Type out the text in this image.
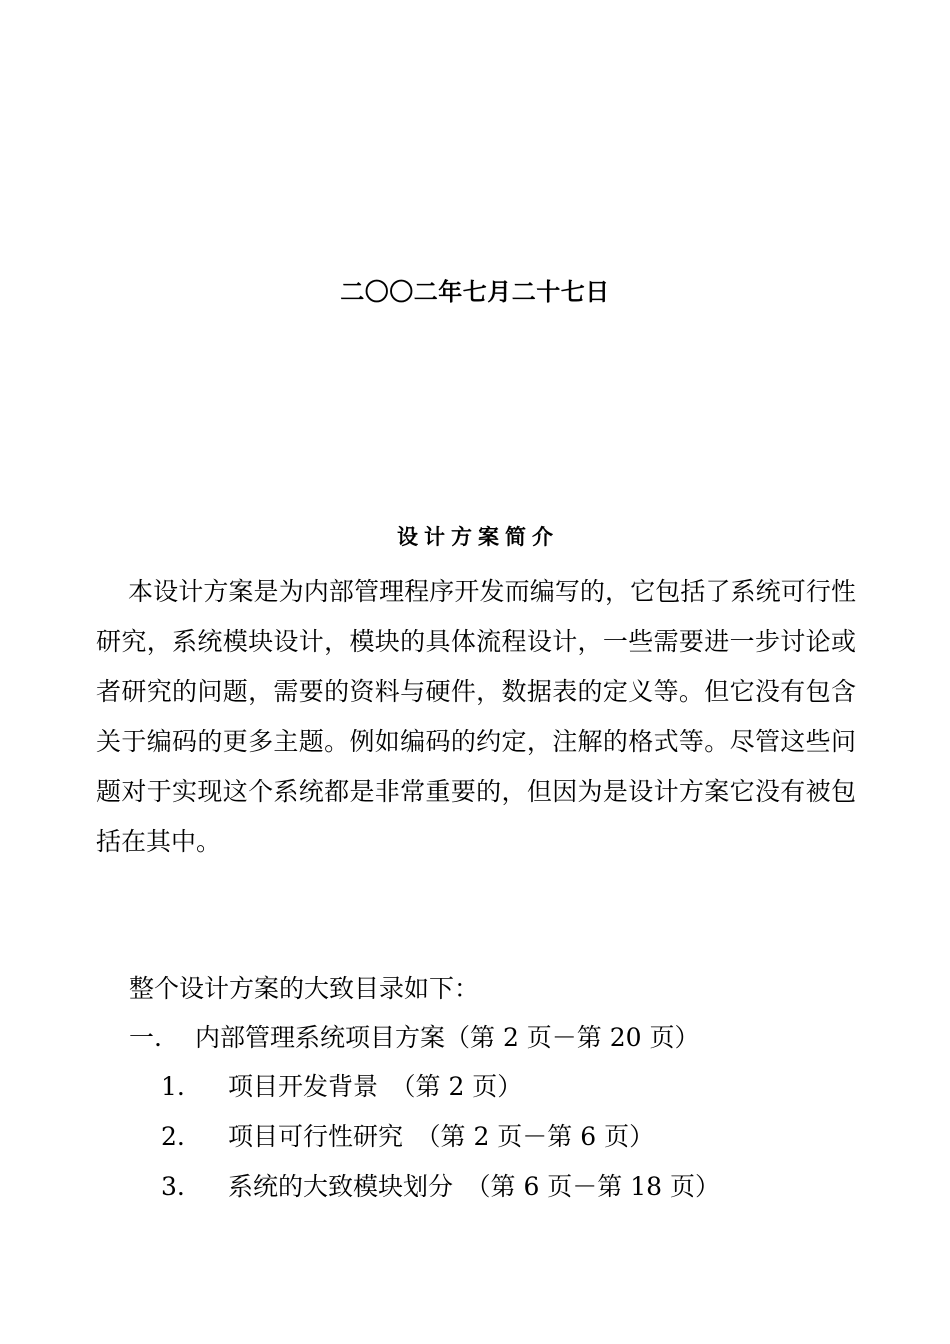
二〇〇二年七月二十七日
设计方案简介

本设计方案是为内部管理程序开发而编写的，它包括了系统可行性研究，系统模块设计，模块的具体流程设计，一些需要进一步讨论或者研究的问题，需要的资料与硬件，数据表的定义等。但它没有包含关于编码的更多主题。例如编码的约定，注解的格式等。尽管这些问题对于实现这个系统都是非常重要的，但因为是设计方案它没有被包括在其中。

整个设计方案的大致目录如下：
一. 内部管理系统项目方案（第 2 页－第 20 页）
1. 项目开发背景　（第 2 页）
2. 项目可行性研究　（第 2 页－第 6 页）
3. 系统的大致模块划分　（第 6 页－第 18 页）
